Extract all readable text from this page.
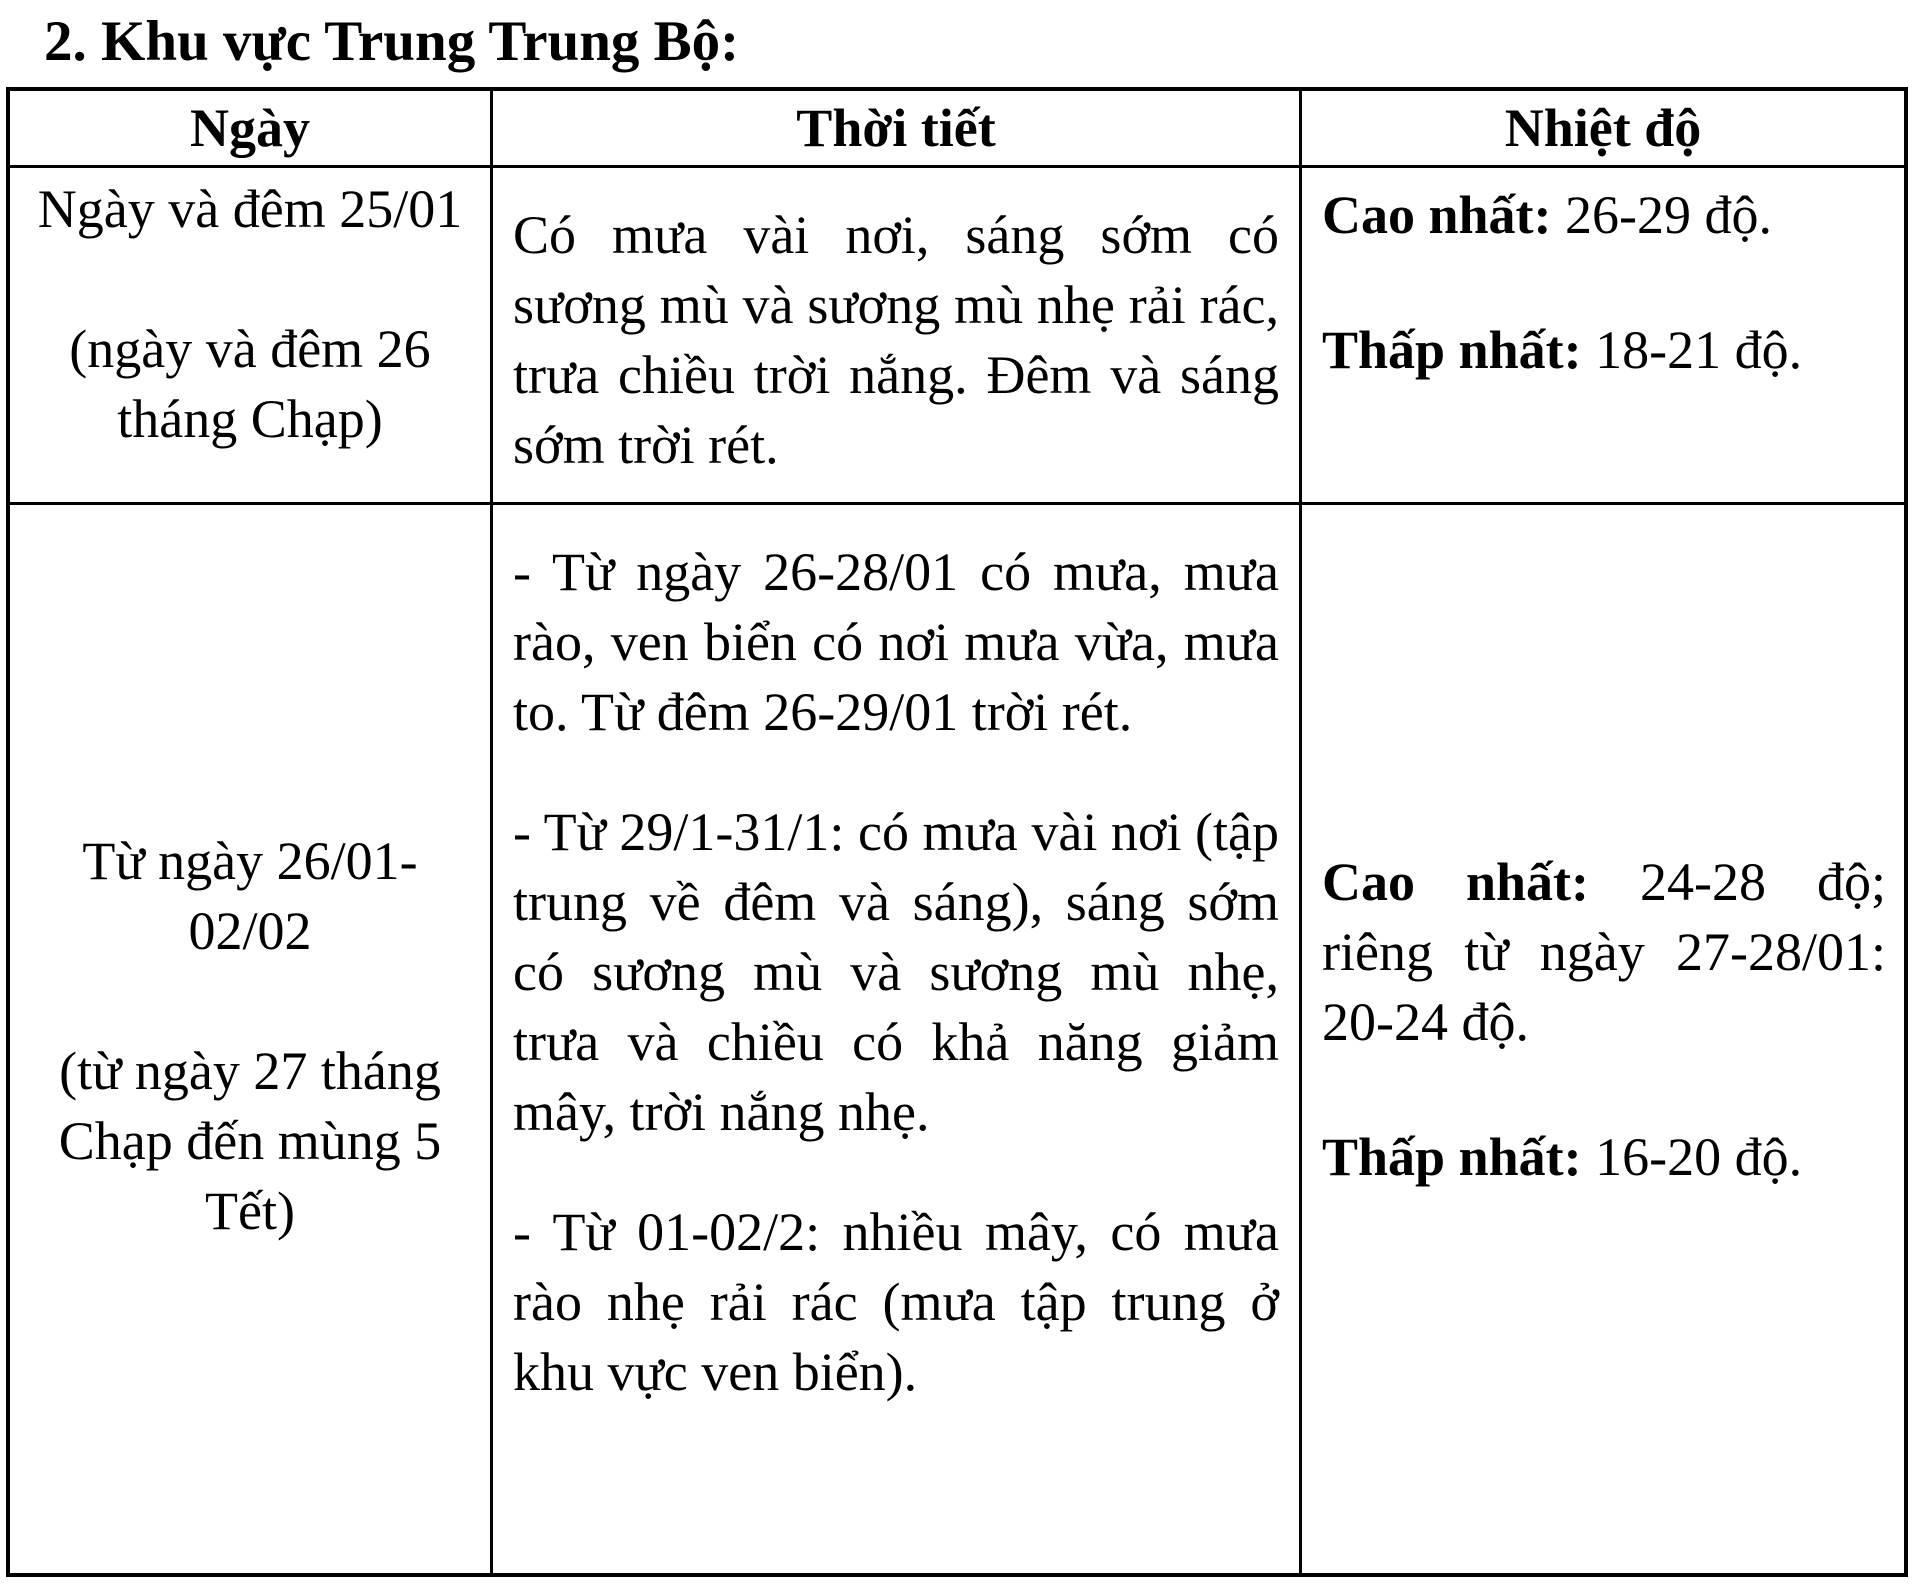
2. Khu vực Trung Trung Bộ:
Ngày	Thời tiết	Nhiệt độ

Ngày và đêm 25/01

(ngày và đêm 26 tháng Chạp)

Có mưa vài nơi, sáng sớm có sương mù và sương mù nhẹ rải rác, trưa chiều trời nắng. Đêm và sáng sớm trời rét.

Cao nhất: 26-29 độ.

Thấp nhất: 18-21 độ.

Từ ngày 26/01-02/02

(từ ngày 27 tháng Chạp đến mùng 5 Tết)

- Từ ngày 26-28/01 có mưa, mưa rào, ven biển có nơi mưa vừa, mưa to. Từ đêm 26-29/01 trời rét.

- Từ 29/1-31/1: có mưa vài nơi (tập trung về đêm và sáng), sáng sớm có sương mù và sương mù nhẹ, trưa và chiều có khả năng giảm mây, trời nắng nhẹ.

- Từ 01-02/2: nhiều mây, có mưa rào nhẹ rải rác (mưa tập trung ở khu vực ven biển).

Cao nhất: 24-28 độ; riêng từ ngày 27-28/01: 20-24 độ.

Thấp nhất: 16-20 độ.
